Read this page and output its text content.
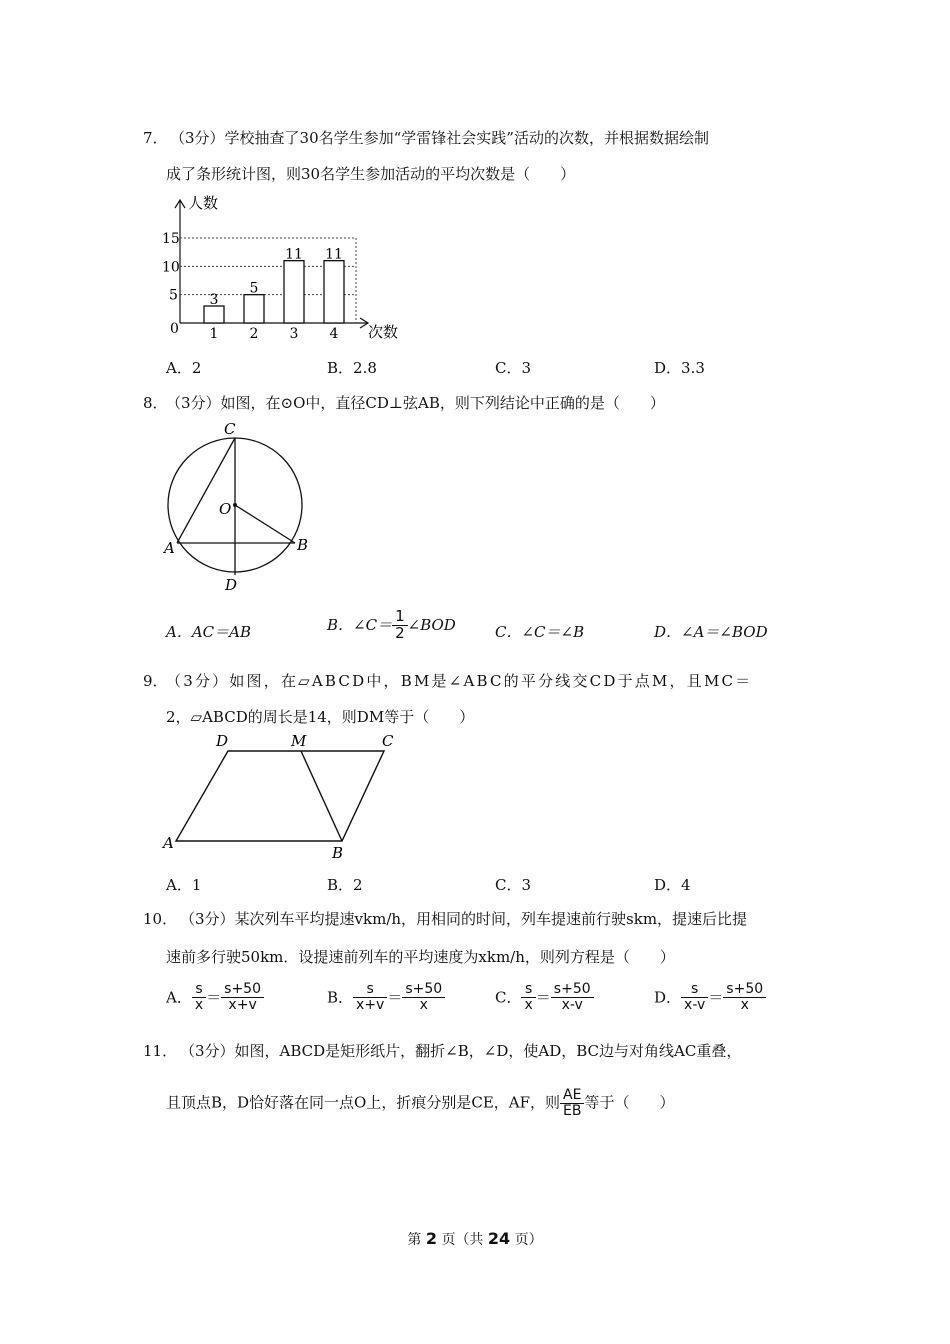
7． （3分）学校抽查了30名学生参加“学雷锋社会实践”活动的次数，并根据数据绘制
成了条形统计图，则30名学生参加活动的平均次数是（　　）
人数
次数
0
5
10
15
3
1
5
2
11
3
11
4
A．2	B．2.8	C．3	D．3.3
8．
（3分）如图，在⊙O中，直径CD⊥弦AB，则下列结论中正确的是（　　）
C
O
A	B
D
A．AC＝AB	B．∠C＝ $\frac{1}{2}$ ∠BOD	C．∠C＝∠B	D．∠A＝∠BOD
9．
（3分）如图，在▱ABCD中，BM是∠ABC的平分线交CD于点M，且MC＝
2，▱ABCD的周长是14，则DM等于（　　）
D	M	C
A
B
A．1	B．2	C．3	D．4
10． （3分）某次列车平均提速vkm/h，用相同的时间，列车提速前行驶skm，提速后比提
速前多行驶50km．设提速前列车的平均速度为xkm/h，则列方程是（　　）
A． $\frac{s}{x} = \frac{s+50}{x+v}$	B． $\frac{s}{x+v} = \frac{s+50}{x}$	C． $\frac{s}{x} = \frac{s+50}{x-v}$	D． $\frac{s}{x-v} = \frac{s+50}{x}$
11． （3分）如图，ABCD是矩形纸片，翻折∠B，∠D，使AD，BC边与对角线AC重叠，
且顶点B，D恰好落在同一点O上，折痕分别是CE，AF，则 $\frac{AE}{EB}$ 等于（　　）
第 2 页（共 24 页）
